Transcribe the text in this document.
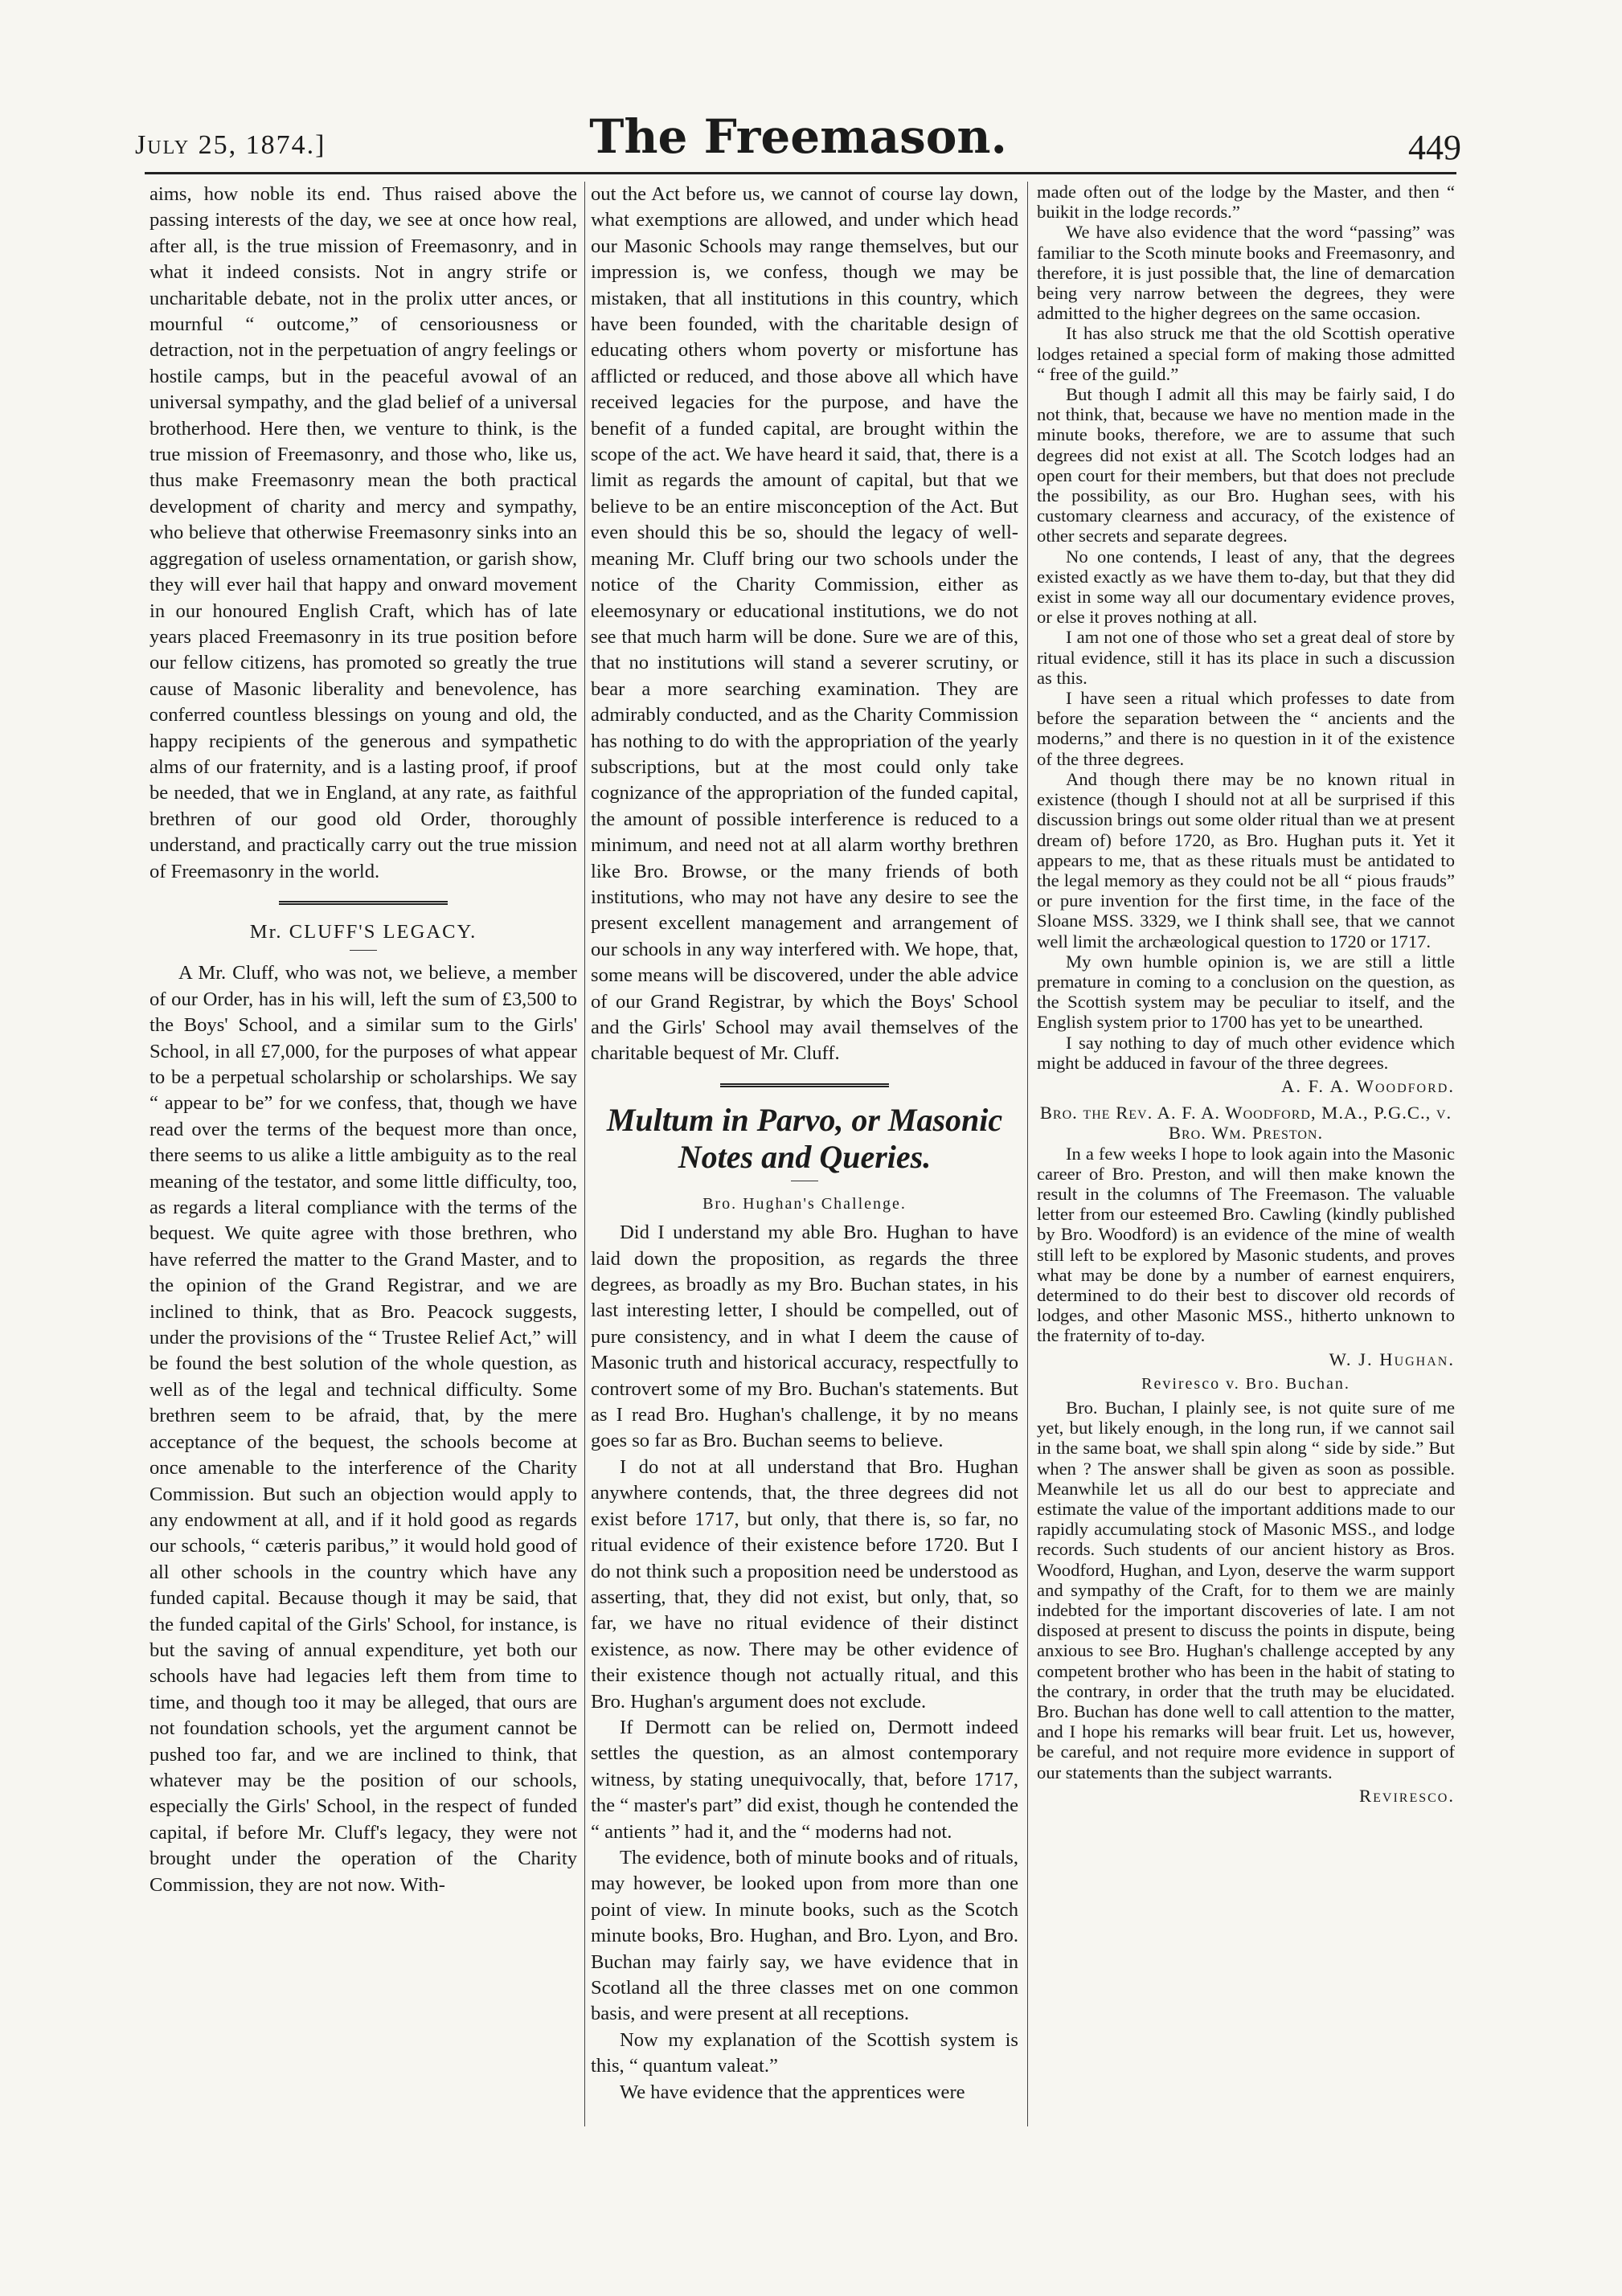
July 25, 1874.]	The Freemason.	449

aims, how noble its end. Thus raised above the passing interests of the day, we see at once how real, after all, is the true mission of Freemasonry, and in what it indeed consists. Not in angry strife or uncharitable debate, not in the prolix utter ances, or mournful “ outcome,” of censoriousness or detraction, not in the perpetuation of angry feelings or hostile camps, but in the peaceful avowal of an universal sympathy, and the glad belief of a universal brotherhood. Here then, we venture to think, is the true mission of Freemasonry, and those who, like us, thus make Freemasonry mean the both practical development of charity and mercy and sympathy, who believe that otherwise Freemasonry sinks into an aggregation of useless ornamentation, or garish show, they will ever hail that happy and onward movement in our honoured English Craft, which has of late years placed Freemasonry in its true position before our fellow citizens, has promoted so greatly the true cause of Masonic liberality and benevolence, has conferred countless blessings on young and old, the happy recipients of the generous and sympathetic alms of our fraternity, and is a lasting proof, if proof be needed, that we in England, at any rate, as faithful brethren of our good old Order, thoroughly understand, and practically carry out the true mission of Freemasonry in the world.

Mr. CLUFF'S LEGACY.

A Mr. Cluff, who was not, we believe, a member of our Order, has in his will, left the sum of £3,500 to the Boys' School, and a similar sum to the Girls' School, in all £7,000, for the purposes of what appear to be a perpetual scholarship or scholarships. We say “ appear to be” for we confess, that, though we have read over the terms of the bequest more than once, there seems to us alike a little ambiguity as to the real meaning of the testator, and some little difficulty, too, as regards a literal compliance with the terms of the bequest. We quite agree with those brethren, who have referred the matter to the Grand Master, and to the opinion of the Grand Registrar, and we are inclined to think, that as Bro. Peacock suggests, under the provisions of the “ Trustee Relief Act,” will be found the best solution of the whole question, as well as of the legal and technical difficulty. Some brethren seem to be afraid, that, by the mere acceptance of the bequest, the schools become at once amenable to the interference of the Charity Commission. But such an objection would apply to any endowment at all, and if it hold good as regards our schools, “ cæteris paribus,” it would hold good of all other schools in the country which have any funded capital. Because though it may be said, that the funded capital of the Girls' School, for instance, is but the saving of annual expenditure, yet both our schools have had legacies left them from time to time, and though too it may be alleged, that ours are not foundation schools, yet the argument cannot be pushed too far, and we are inclined to think, that whatever may be the position of our schools, especially the Girls' School, in the respect of funded capital, if before Mr. Cluff's legacy, they were not brought under the operation of the Charity Commission, they are not now. With-

out the Act before us, we cannot of course lay down, what exemptions are allowed, and under which head our Masonic Schools may range themselves, but our impression is, we confess, though we may be mistaken, that all institutions in this country, which have been founded, with the charitable design of educating others whom poverty or misfortune has afflicted or reduced, and those above all which have received legacies for the purpose, and have the benefit of a funded capital, are brought within the scope of the act. We have heard it said, that, there is a limit as regards the amount of capital, but that we believe to be an entire misconception of the Act. But even should this be so, should the legacy of well-meaning Mr. Cluff bring our two schools under the notice of the Charity Commission, either as eleemosynary or educational institutions, we do not see that much harm will be done. Sure we are of this, that no institutions will stand a severer scrutiny, or bear a more searching examination. They are admirably conducted, and as the Charity Commission has nothing to do with the appropriation of the yearly subscriptions, but at the most could only take cognizance of the appropriation of the funded capital, the amount of possible interference is reduced to a minimum, and need not at all alarm worthy brethren like Bro. Browse, or the many friends of both institutions, who may not have any desire to see the present excellent management and arrangement of our schools in any way interfered with. We hope, that, some means will be discovered, under the able advice of our Grand Registrar, by which the Boys' School and the Girls' School may avail themselves of the charitable bequest of Mr. Cluff.

Multum in Parvo, or Masonic Notes and Queries.
Bro. Hughan's Challenge.

Did I understand my able Bro. Hughan to have laid down the proposition, as regards the three degrees, as broadly as my Bro. Buchan states, in his last interesting letter, I should be compelled, out of pure consistency, and in what I deem the cause of Masonic truth and historical accuracy, respectfully to controvert some of my Bro. Buchan's statements. But as I read Bro. Hughan's challenge, it by no means goes so far as Bro. Buchan seems to believe.

I do not at all understand that Bro. Hughan anywhere contends, that, the three degrees did not exist before 1717, but only, that there is, so far, no ritual evidence of their existence before 1720. But I do not think such a proposition need be understood as asserting, that, they did not exist, but only, that, so far, we have no ritual evidence of their distinct existence, as now. There may be other evidence of their existence though not actually ritual, and this Bro. Hughan's argument does not exclude.

If Dermott can be relied on, Dermott indeed settles the question, as an almost contemporary witness, by stating unequivocally, that, before 1717, the “ master's part” did exist, though he contended the “ antients ” had it, and the “ moderns had not.

The evidence, both of minute books and of rituals, may however, be looked upon from more than one point of view. In minute books, such as the Scotch minute books, Bro. Hughan, and Bro. Lyon, and Bro. Buchan may fairly say, we have evidence that in Scotland all the three classes met on one common basis, and were present at all receptions.

Now my explanation of the Scottish system is this, “ quantum valeat.”

We have evidence that the apprentices were

made often out of the lodge by the Master, and then “ buikit in the lodge records.”

We have also evidence that the word “passing” was familiar to the Scoth minute books and Freemasonry, and therefore, it is just possible that, the line of demarcation being very narrow between the degrees, they were admitted to the higher degrees on the same occasion.

It has also struck me that the old Scottish operative lodges retained a special form of making those admitted “ free of the guild.”

But though I admit all this may be fairly said, I do not think, that, because we have no mention made in the minute books, therefore, we are to assume that such degrees did not exist at all. The Scotch lodges had an open court for their members, but that does not preclude the possibility, as our Bro. Hughan sees, with his customary clearness and accuracy, of the existence of other secrets and separate degrees.

No one contends, I least of any, that the degrees existed exactly as we have them to-day, but that they did exist in some way all our documentary evidence proves, or else it proves nothing at all.

I am not one of those who set a great deal of store by ritual evidence, still it has its place in such a discussion as this.

I have seen a ritual which professes to date from before the separation between the “ ancients and the moderns,” and there is no question in it of the existence of the three degrees.

And though there may be no known ritual in existence (though I should not at all be surprised if this discussion brings out some older ritual than we at present dream of) before 1720, as Bro. Hughan puts it. Yet it appears to me, that as these rituals must be antidated to the legal memory as they could not be all “ pious frauds” or pure invention for the first time, in the face of the Sloane MSS. 3329, we I think shall see, that we cannot well limit the archæological question to 1720 or 1717.

My own humble opinion is, we are still a little premature in coming to a conclusion on the question, as the Scottish system may be peculiar to itself, and the English system prior to 1700 has yet to be unearthed.

I say nothing to day of much other evidence which might be adduced in favour of the three degrees.

A. F. A. Woodford.
Bro. the Rev. A. F. A. Woodford, M.A., P.G.C., v. Bro. Wm. Preston.

In a few weeks I hope to look again into the Masonic career of Bro. Preston, and will then make known the result in the columns of The Freemason. The valuable letter from our esteemed Bro. Cawling (kindly published by Bro. Woodford) is an evidence of the mine of wealth still left to be explored by Masonic students, and proves what may be done by a number of earnest enquirers, determined to do their best to discover old records of lodges, and other Masonic MSS., hitherto unknown to the fraternity of to-day.

W. J. Hughan.
Reviresco v. Bro. Buchan.

Bro. Buchan, I plainly see, is not quite sure of me yet, but likely enough, in the long run, if we cannot sail in the same boat, we shall spin along “ side by side.” But when ? The answer shall be given as soon as possible. Meanwhile let us all do our best to appreciate and estimate the value of the important additions made to our rapidly accumulating stock of Masonic MSS., and lodge records. Such students of our ancient history as Bros. Woodford, Hughan, and Lyon, deserve the warm support and sympathy of the Craft, for to them we are mainly indebted for the important discoveries of late. I am not disposed at present to discuss the points in dispute, being anxious to see Bro. Hughan's challenge accepted by any competent brother who has been in the habit of stating to the contrary, in order that the truth may be elucidated. Bro. Buchan has done well to call attention to the matter, and I hope his remarks will bear fruit. Let us, however, be careful, and not require more evidence in support of our statements than the subject warrants.

Reviresco.
